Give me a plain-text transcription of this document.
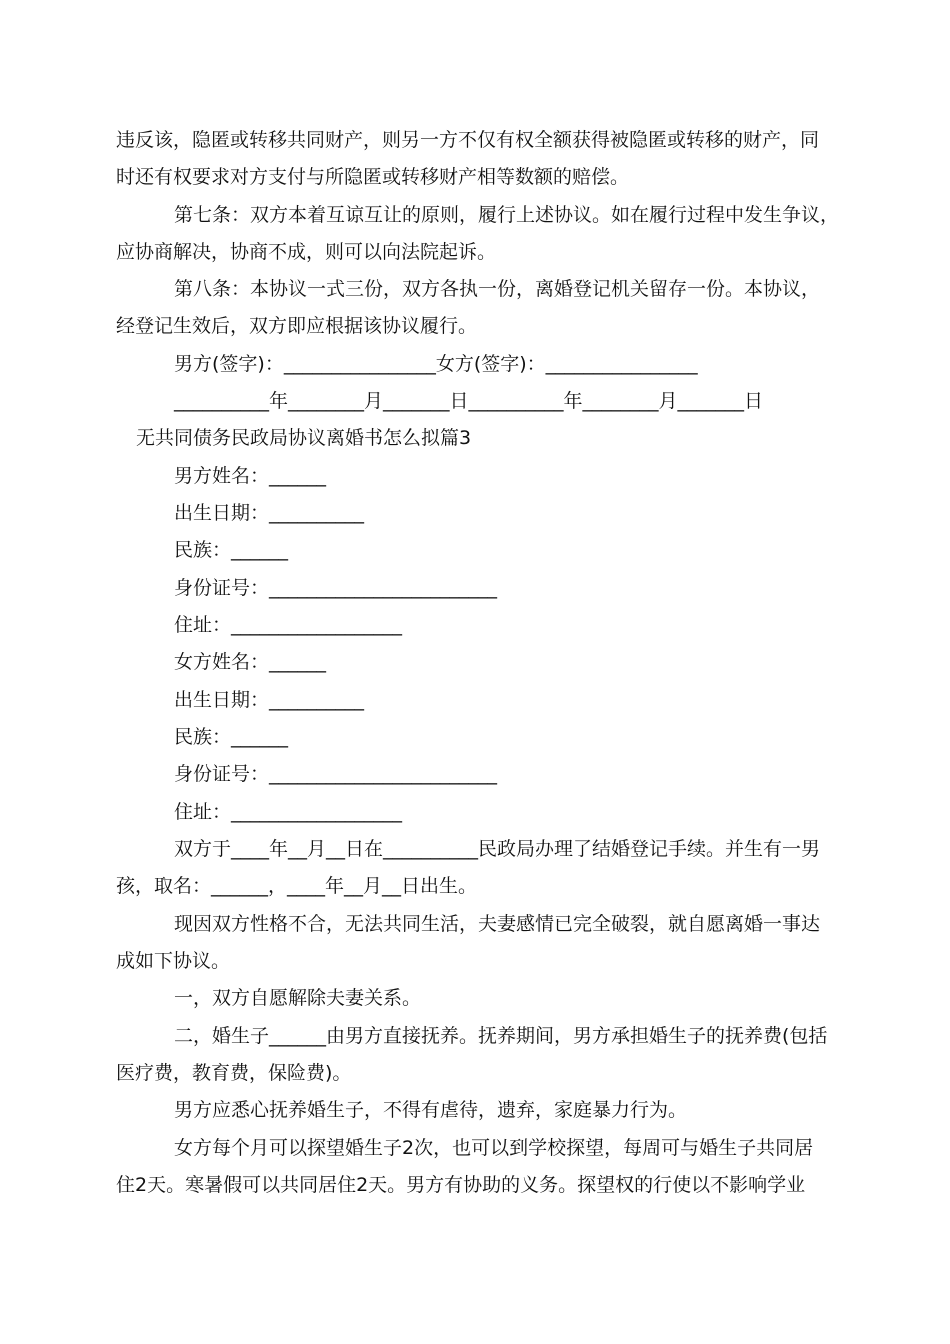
违反该，隐匿或转移共同财产，则另一方不仅有权全额获得被隐匿或转移的财产，同
时还有权要求对方支付与所隐匿或转移财产相等数额的赔偿。
第七条：双方本着互谅互让的原则，履行上述协议。如在履行过程中发生争议，
应协商解决，协商不成，则可以向法院起诉。
第八条：本协议一式三份，双方各执一份，离婚登记机关留存一份。本协议，
经登记生效后，双方即应根据该协议履行。
男方(签字)：________________女方(签字)：________________
__________年________月_______日__________年________月_______日
无共同债务民政局协议离婚书怎么拟篇3
男方姓名：______
出生日期：__________
民族：______
身份证号：________________________
住址：__________________
女方姓名：______
出生日期：__________
民族：______
身份证号：________________________
住址：__________________
双方于____年__月__日在__________民政局办理了结婚登记手续。并生有一男
孩，取名：______，____年__月__日出生。
现因双方性格不合，无法共同生活，夫妻感情已完全破裂，就自愿离婚一事达
成如下协议。
一，双方自愿解除夫妻关系。
二，婚生子______由男方直接抚养。抚养期间，男方承担婚生子的抚养费(包括
医疗费，教育费，保险费)。
男方应悉心抚养婚生子，不得有虐待，遗弃，家庭暴力行为。
女方每个月可以探望婚生子2次，也可以到学校探望，每周可与婚生子共同居
住2天。寒暑假可以共同居住2天。男方有协助的义务。探望权的行使以不影响学业
